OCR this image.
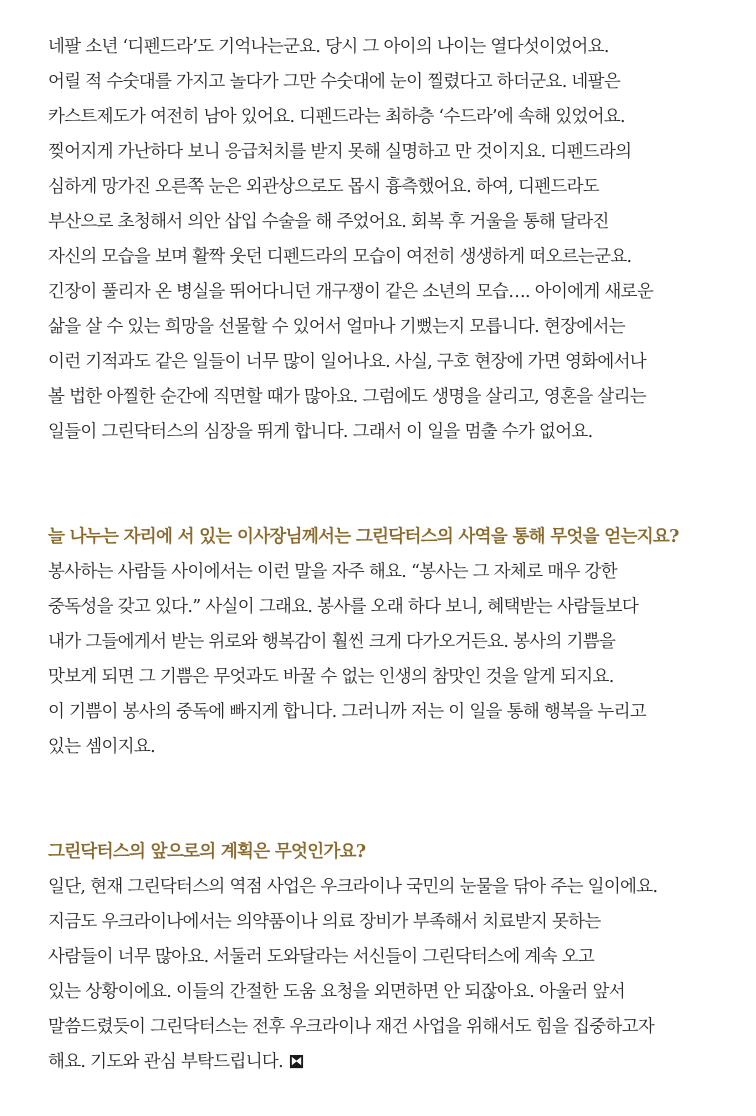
네팔 소년 ‘디펜드라’도 기억나는군요. 당시 그 아이의 나이는 열다섯이었어요.
어릴 적 수숫대를 가지고 놀다가 그만 수숫대에 눈이 찔렸다고 하더군요. 네팔은
카스트제도가 여전히 남아 있어요. 디펜드라는 최하층 ‘수드라’에 속해 있었어요.
찢어지게 가난하다 보니 응급처치를 받지 못해 실명하고 만 것이지요. 디펜드라의
심하게 망가진 오른쪽 눈은 외관상으로도 몹시 흉측했어요. 하여, 디펜드라도
부산으로 초청해서 의안 삽입 수술을 해 주었어요. 회복 후 거울을 통해 달라진
자신의 모습을 보며 활짝 웃던 디펜드라의 모습이 여전히 생생하게 떠오르는군요.
긴장이 풀리자 온 병실을 뛰어다니던 개구쟁이 같은 소년의 모습…. 아이에게 새로운
삶을 살 수 있는 희망을 선물할 수 있어서 얼마나 기뻤는지 모릅니다. 현장에서는
이런 기적과도 같은 일들이 너무 많이 일어나요. 사실, 구호 현장에 가면 영화에서나
볼 법한 아찔한 순간에 직면할 때가 많아요. 그럼에도 생명을 살리고, 영혼을 살리는
일들이 그린닥터스의 심장을 뛰게 합니다. 그래서 이 일을 멈출 수가 없어요.
늘 나누는 자리에 서 있는 이사장님께서는 그린닥터스의 사역을 통해 무엇을 얻는지요?
봉사하는 사람들 사이에서는 이런 말을 자주 해요. “봉사는 그 자체로 매우 강한
중독성을 갖고 있다.” 사실이 그래요. 봉사를 오래 하다 보니, 혜택받는 사람들보다
내가 그들에게서 받는 위로와 행복감이 훨씬 크게 다가오거든요. 봉사의 기쁨을
맛보게 되면 그 기쁨은 무엇과도 바꿀 수 없는 인생의 참맛인 것을 알게 되지요.
이 기쁨이 봉사의 중독에 빠지게 합니다. 그러니까 저는 이 일을 통해 행복을 누리고
있는 셈이지요.
그린닥터스의 앞으로의 계획은 무엇인가요?
일단, 현재 그린닥터스의 역점 사업은 우크라이나 국민의 눈물을 닦아 주는 일이에요.
지금도 우크라이나에서는 의약품이나 의료 장비가 부족해서 치료받지 못하는
사람들이 너무 많아요. 서둘러 도와달라는 서신들이 그린닥터스에 계속 오고
있는 상황이에요. 이들의 간절한 도움 요청을 외면하면 안 되잖아요. 아울러 앞서
말씀드렸듯이 그린닥터스는 전후 우크라이나 재건 사업을 위해서도 힘을 집중하고자
해요. 기도와 관심 부탁드립니다.
